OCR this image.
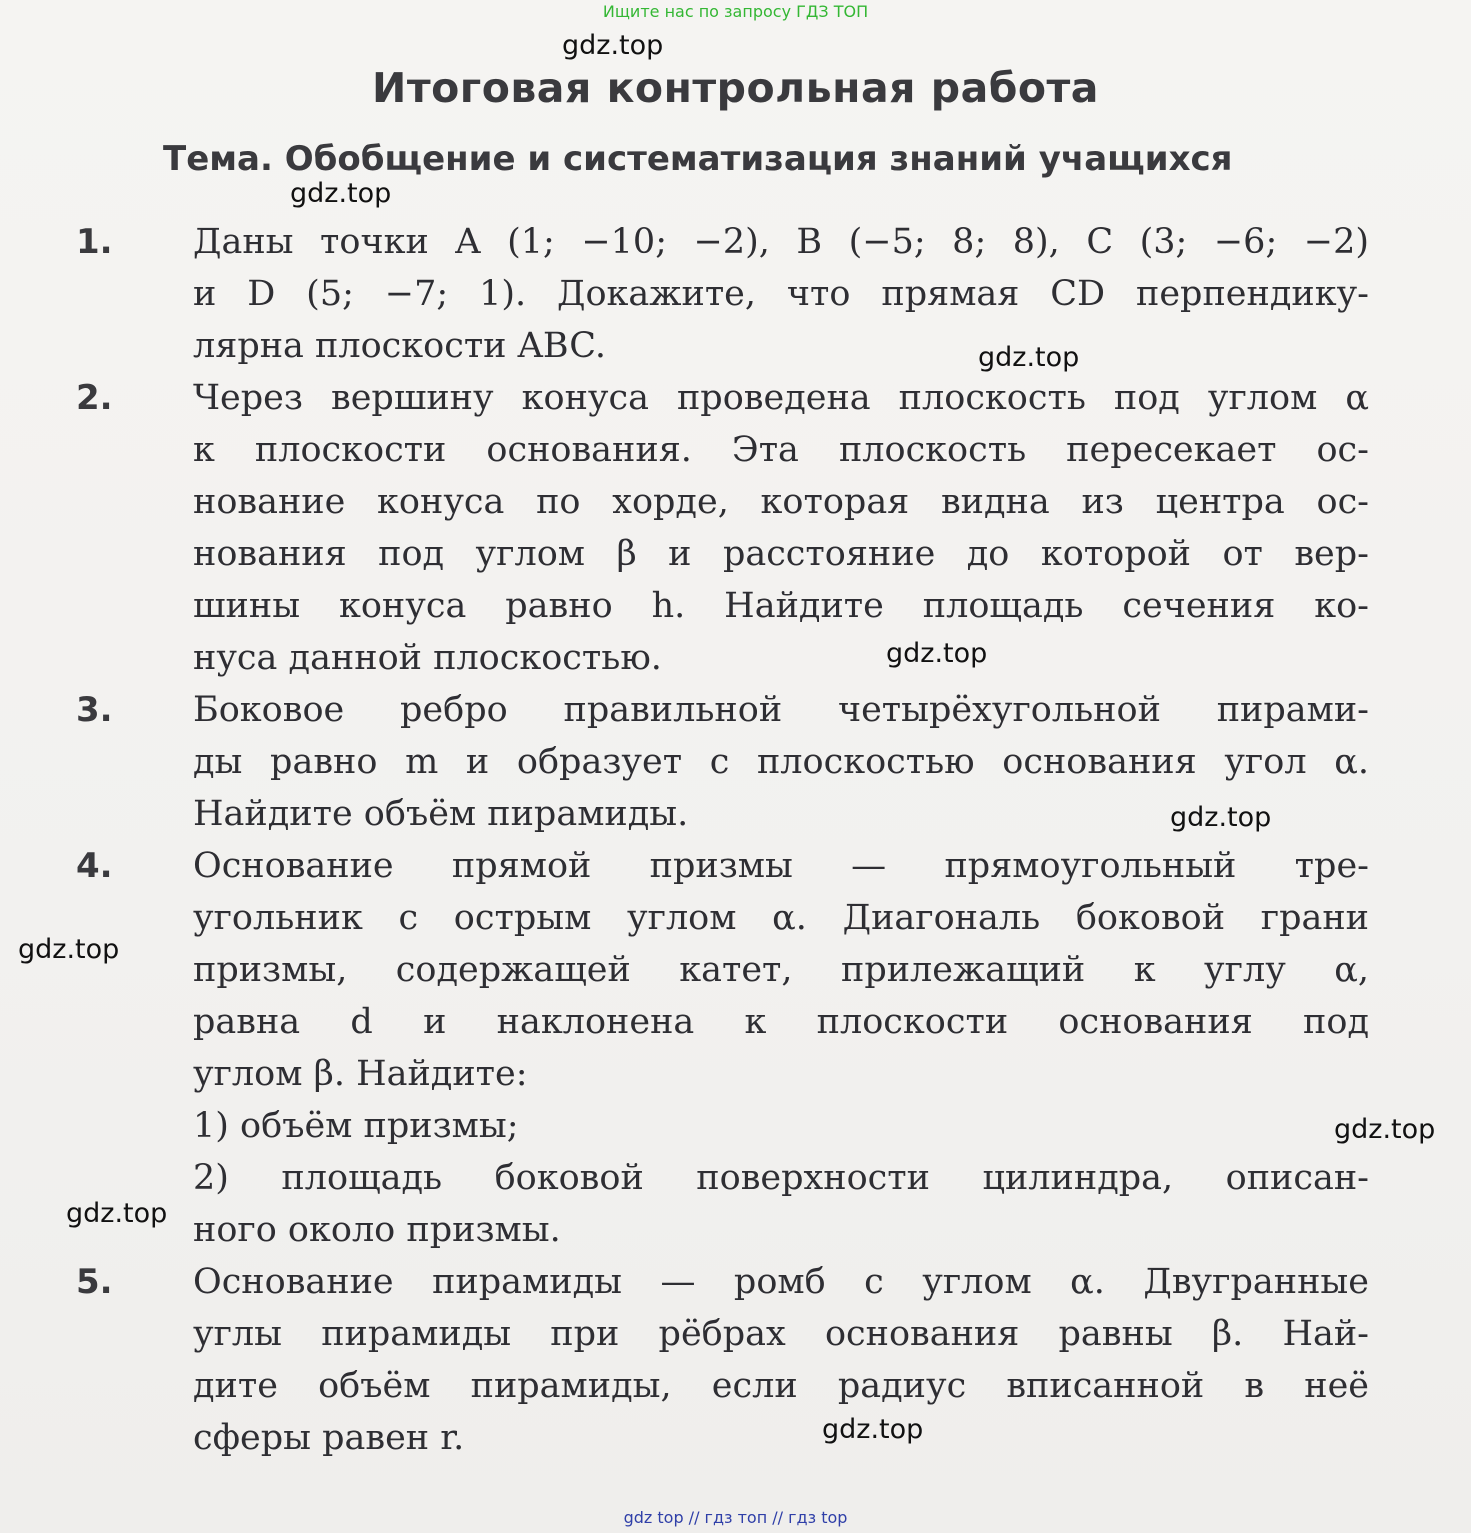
Ищите нас по запросу ГДЗ ТОП
Итоговая контрольная работа
Тема. Обобщение и систематизация знаний учащихся
1. Даны точки A (1; −10; −2), B (−5; 8; 8), C (3; −6; −2)
и D (5; −7; 1). Докажите, что прямая CD перпендику-
лярна плоскости ABC.
2. Через вершину конуса проведена плоскость под углом α
к плоскости основания. Эта плоскость пересекает ос-
нование конуса по хорде, которая видна из центра ос-
нования под углом β и расстояние до которой от вер-
шины конуса равно h. Найдите площадь сечения ко-
нуса данной плоскостью.
3. Боковое ребро правильной четырёхугольной пирами-
ды равно m и образует с плоскостью основания угол α.
Найдите объём пирамиды.
4. Основание прямой призмы — прямоугольный тре-
угольник с острым углом α. Диагональ боковой грани
призмы, содержащей катет, прилежащий к углу α,
равна d и наклонена к плоскости основания под
углом β. Найдите:
1) объём призмы;
2) площадь боковой поверхности цилиндра, описан-
ного около призмы.
5. Основание пирамиды — ромб с углом α. Двугранные
углы пирамиды при рёбрах основания равны β. Най-
дите объём пирамиды, если радиус вписанной в неё
сферы равен r.
gdz.top
gdz.top
gdz.top
gdz.top
gdz.top
gdz.top
gdz.top
gdz.top
gdz.top
gdz top // гдз топ // гдз top
